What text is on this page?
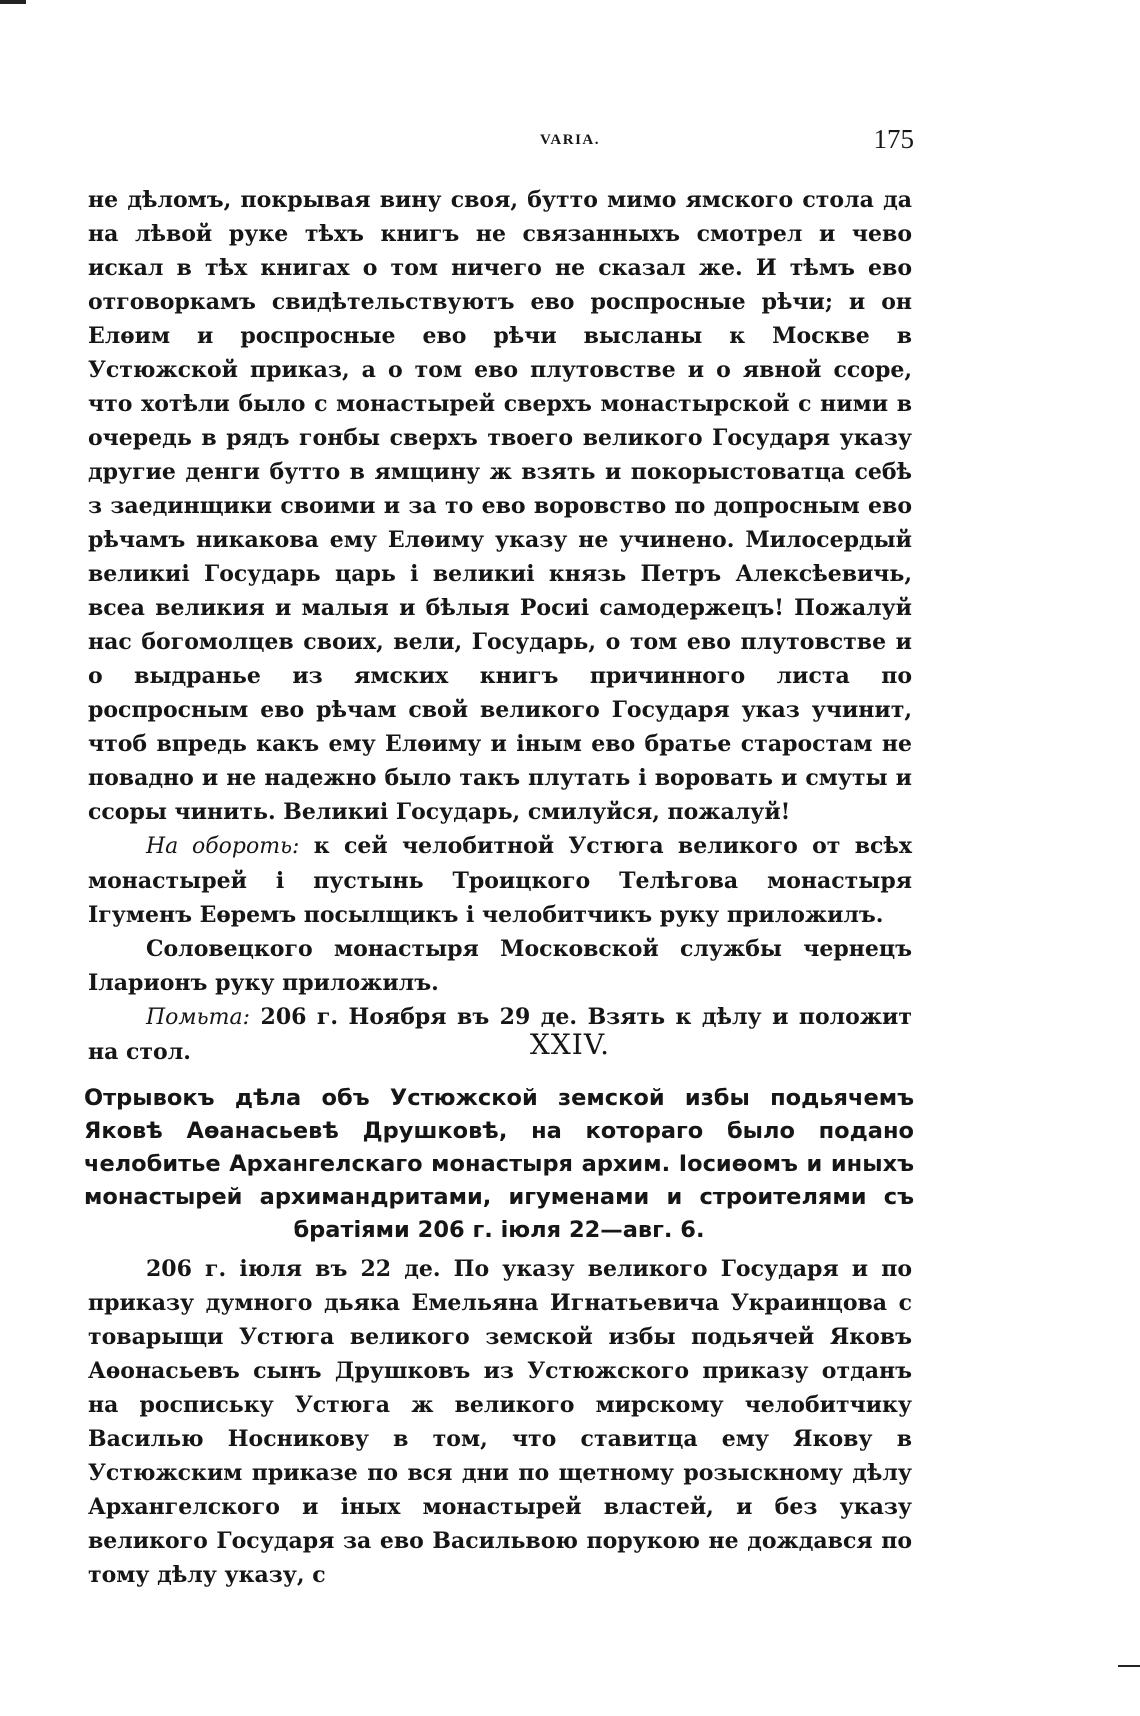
VARIA.	175

не дѣломъ, покрывая вину своя, бутто мимо ямского стола да на лѣвой руке тѣхъ книгъ не связанныхъ смотрел и чево искал в тѣх книгах о том ничего не сказал же. И тѣмъ ево отговоркамъ свидѣтельствуютъ ево роспросные рѣчи; и он Елѳим и роспросные ево рѣчи высланы к Москве в Устюжской приказ, а о том ево плутовстве и о явной ссоре, что хотѣли было с монастырей сверхъ монастырской с ними в очередь в рядъ гонбы сверхъ твоего великого Государя указу другие денги бутто в ямщину ж взять и покорыстоватца себѣ з заединщики своими и за то ево воровство по допросным ево рѣчамъ никакова ему Елѳиму указу не учинено. Милосердый великиі Государь царь і великиі князь Петръ Алексѣевичь, всеа великия и малыя и бѣлыя Росиі самодержецъ! Пожалуй нас богомолцев своих, вели, Государь, о том ево плутовстве и о выдранье из ямских книгъ причинного листа по роспросным ево рѣчам свой великого Государя указ учинит, чтоб впредь какъ ему Елѳиму и іным ево братье старостам не повадно и не надежно было такъ плутать і воровать и смуты и ссоры чинить. Великиі Государь, смилуйся, пожалуй!

На обороть: к сей челобитной Устюга великого от всѣх монастырей і пустынь Троицкого Телѣгова монастыря Ігуменъ Еѳремъ посылщикъ і челобитчикъ руку приложилъ.

Соловецкого монастыря Московской службы чернецъ Іларионъ руку приложилъ.

Помьта: 206 г. Ноября въ 29 де. Взять к дѣлу и положит на стол.	XXIV.
Отрывокъ дѣла объ Устюжской земской избы подьячемъ Яковѣ Аѳанасьевѣ Друшковѣ, на котораго было подано челобитье Архангелскаго монастыря архим. Іосиѳомъ и иныхъ монастырей архимандритами, игуменами и строителями съ братіями 206 г. іюля 22—авг. 6.

206 г. іюля въ 22 де. По указу великого Государя и по приказу думного дьяка Емельяна Игнатьевича Украинцова с товарыщи Устюга великого земской избы подьячей Яковъ Аѳонасьевъ сынъ Друшковъ из Устюжского приказу отданъ на роспиську Устюга ж великого мирскому челобитчику Василью Носникову в том, что ставитца ему Якову в Устюжским приказе по вся дни по щетному розыскному дѣлу Архангелского и іных монастырей властей, и без указу великого Государя за ево Васильвою порукою не дождався по тому дѣлу указу, с
